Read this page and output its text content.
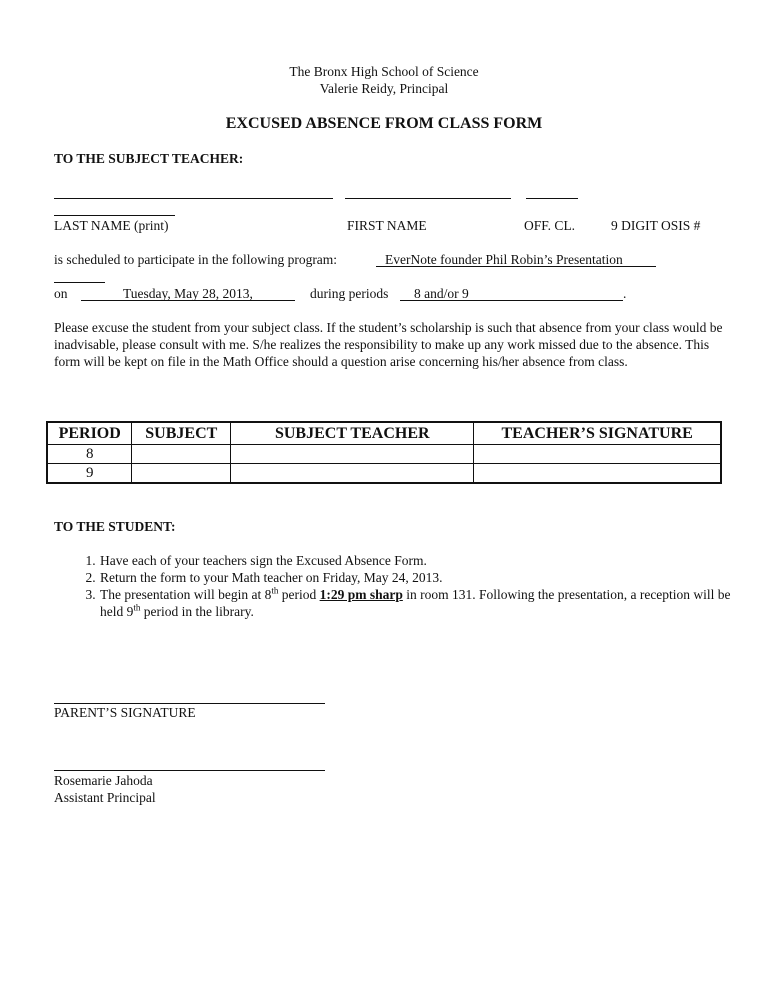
The Bronx High School of Science
Valerie Reidy, Principal
EXCUSED ABSENCE FROM CLASS FORM
TO THE SUBJECT TEACHER:
LAST NAME (print)	FIRST NAME	OFF. CL.	9 DIGIT OSIS #
is scheduled to participate in the following program:	EverNote founder Phil Robin’s Presentation
on	Tuesday, May 28, 2013,	during periods	8 and/or 9	.
Please excuse the student from your subject class. If the student’s scholarship is such that absence from your class would be inadvisable, please consult with me. S/he realizes the responsibility to make up any work missed due to the absence. This form will be kept on file in the Math Office should a question arise concerning his/her absence from class.
PERIOD	SUBJECT	SUBJECT TEACHER	TEACHER’S SIGNATURE
8			
9			
TO THE STUDENT:
1. Have each of your teachers sign the Excused Absence Form.
2. Return the form to your Math teacher on Friday, May 24, 2013.
3. The presentation will begin at 8th period 1:29 pm sharp in room 131. Following the presentation, a reception will be held 9th period in the library.
PARENT’S SIGNATURE
Rosemarie Jahoda
Assistant Principal
